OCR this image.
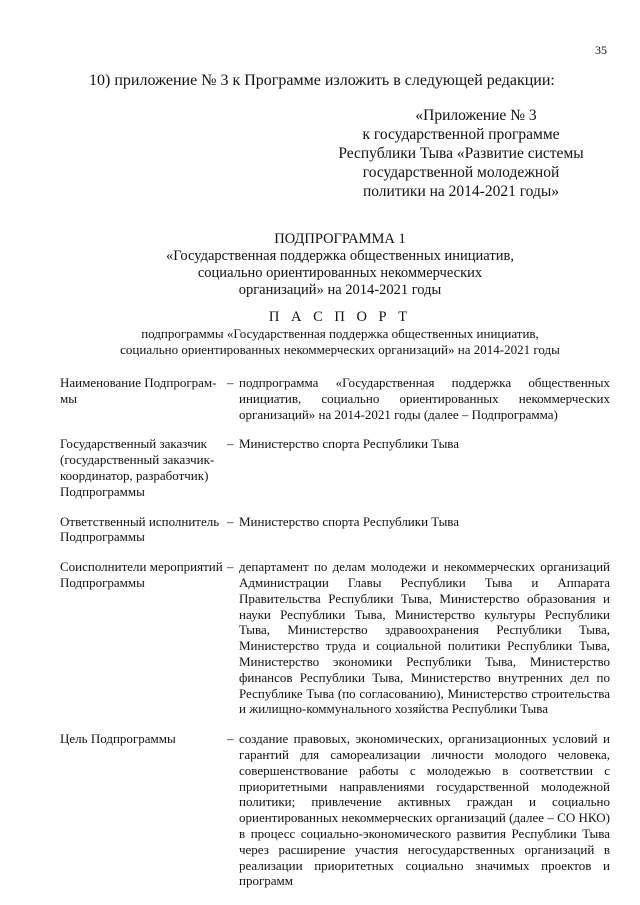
35
10) приложение № 3 к Программе изложить в следующей редакции:
«Приложение № 3
к государственной программе
Республики Тыва «Развитие системы
государственной молодежной
политики на 2014-2021 годы»
ПОДПРОГРАММА 1
«Государственная поддержка общественных инициатив,
социально ориентированных некоммерческих
организаций» на 2014-2021 годы
П А С П О Р Т
подпрограммы «Государственная поддержка общественных инициатив,
социально ориентированных некоммерческих организаций» на 2014-2021 годы
Наименование Подпрограм-мы
– подпрограмма «Государственная поддержка общественных инициатив, социально ориентированных некоммерческих организаций» на 2014-2021 годы (далее – Подпрограмма)
Государственный заказчик (государственный заказчик-координатор, разработчик) Подпрограммы
– Министерство спорта Республики Тыва
Ответственный исполнитель Подпрограммы
– Министерство спорта Республики Тыва
Соисполнители мероприятий Подпрограммы
– департамент по делам молодежи и некоммерческих организаций Администрации Главы Республики Тыва и Аппарата Правительства Республики Тыва, Министерство образования и науки Республики Тыва, Министерство культуры Республики Тыва, Министерство здравоохранения Республики Тыва, Министерство труда и социальной политики Республики Тыва, Министерство экономики Республики Тыва, Министерство финансов Республики Тыва, Министерство внутренних дел по Республике Тыва (по согласованию), Министерство строительства и жилищно-коммунального хозяйства Республики Тыва
Цель Подпрограммы	– создание правовых, экономических, организационных условий и гарантий для самореализации личности молодого человека, совершенствование работы с молодежью в соответствии с приоритетными направлениями государственной молодежной политики; привлечение активных граждан и социально ориентированных некоммерческих организаций (далее – СО НКО) в процесс социально-экономического развития Республики Тыва через расширение участия негосударственных организаций в реализации приоритетных социально значимых проектов и программ
